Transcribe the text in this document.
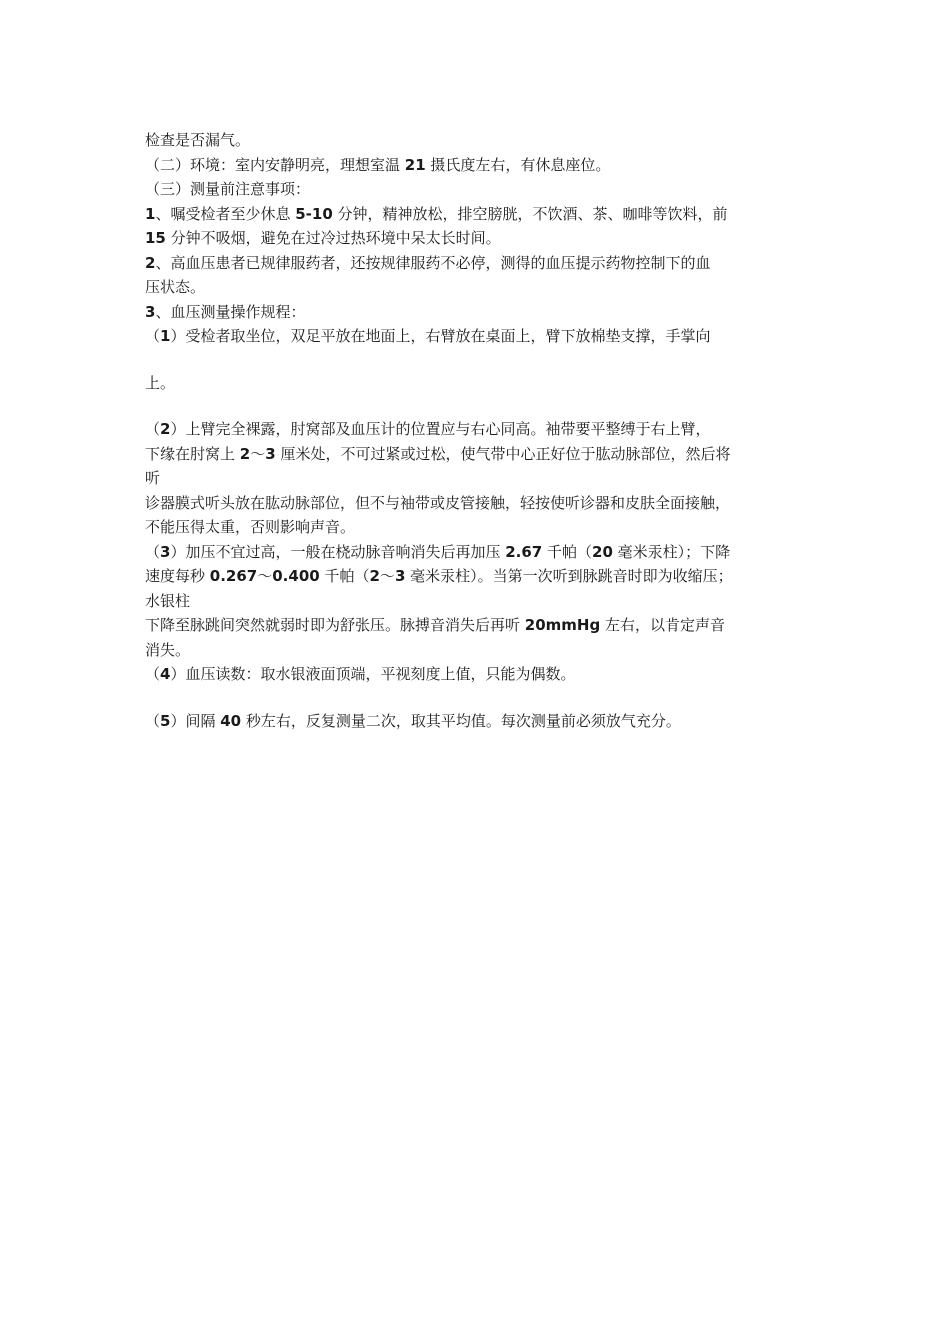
检查是否漏气。
（二）环境：室内安静明亮，理想室温 21 摄氏度左右，有休息座位。
（三）测量前注意事项：
1、嘱受检者至少休息 5-10 分钟，精神放松，排空膀胱，不饮酒、茶、咖啡等饮料，前
15 分钟不吸烟，避免在过冷过热环境中呆太长时间。
2、高血压患者已规律服药者，还按规律服药不必停，测得的血压提示药物控制下的血
压状态。
3、血压测量操作规程：
（1）受检者取坐位，双足平放在地面上，右臂放在桌面上，臂下放棉垫支撑，手掌向
上。
（2）上臂完全裸露，肘窝部及血压计的位置应与右心同高。袖带要平整缚于右上臂，
下缘在肘窝上 2～3 厘米处，不可过紧或过松，使气带中心正好位于肱动脉部位，然后将
听
诊器膜式听头放在肱动脉部位，但不与袖带或皮管接触，轻按使听诊器和皮肤全面接触，
不能压得太重，否则影响声音。
（3）加压不宜过高，一般在桡动脉音响消失后再加压 2.67 千帕（20 毫米汞柱）；下降
速度每秒 0.267～0.400 千帕（2～3 毫米汞柱）。当第一次听到脉跳音时即为收缩压；
水银柱
下降至脉跳间突然就弱时即为舒张压。脉搏音消失后再听 20mmHg 左右，以肯定声音
消失。
（4）血压读数：取水银液面顶端，平视刻度上值，只能为偶数。
（5）间隔 40 秒左右，反复测量二次，取其平均值。每次测量前必须放气充分。
